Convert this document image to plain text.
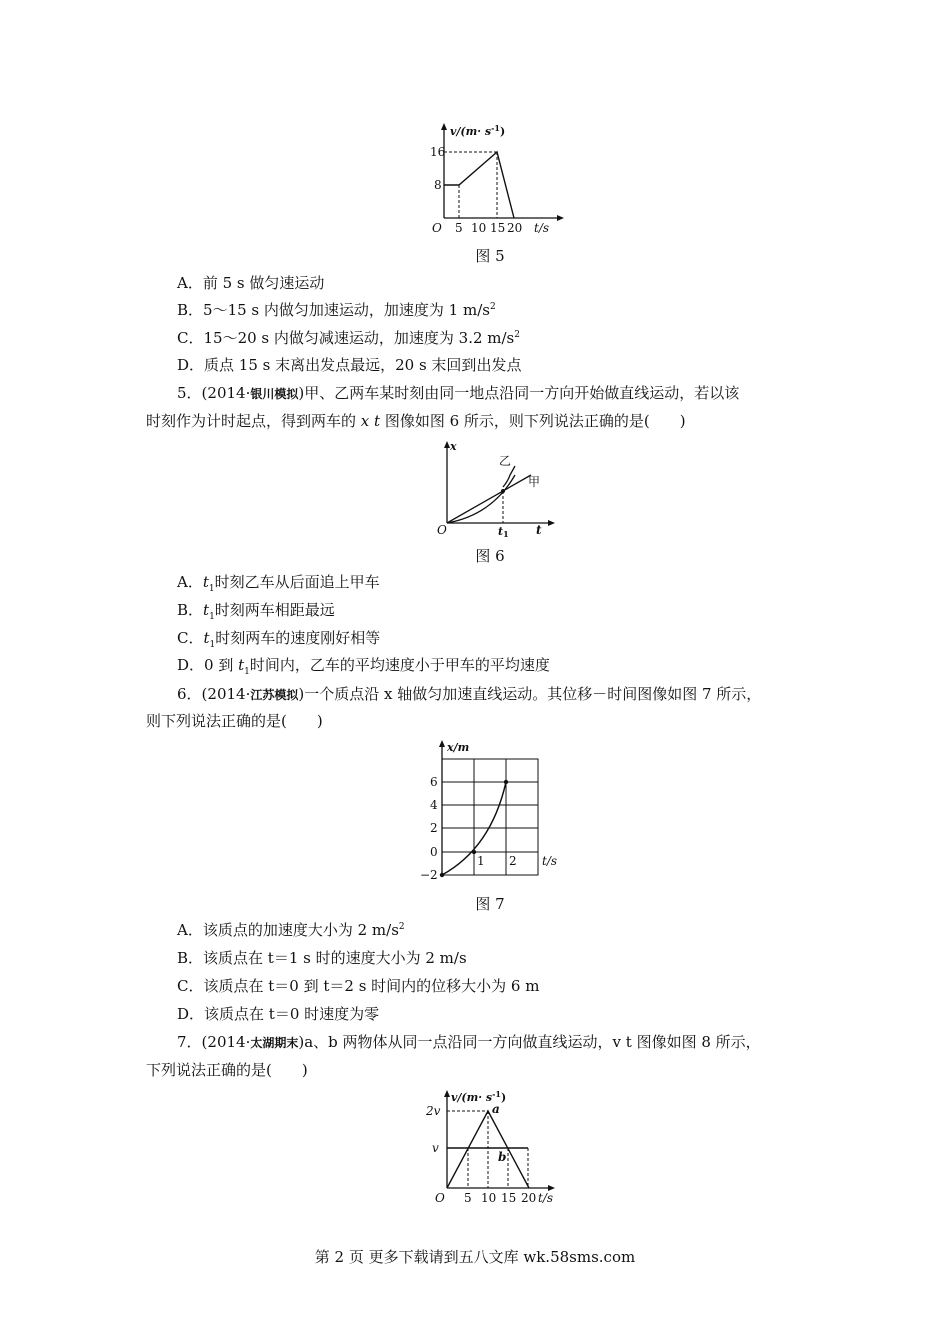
$v/(m\cdot s^{-1})$
16
8
O 5 10 15 20 t/s
图 5
A．前 5 s 做匀速运动
B．5～15 s 内做匀加速运动，加速度为 1 $m/s^2$
C．15～20 s 内做匀减速运动，加速度为 3.2 $m/s^2$
D．质点 15 s 末离出发点最远，20 s 末回到出发点
5．(2014·银川模拟)甲、乙两车某时刻由同一地点沿同一方向开始做直线运动，若以该
时刻作为计时起点，得到两车的 x t 图像如图 6 所示，则下列说法正确的是(　　)
x
乙
甲
O	t1 t
图 6
A．$t_1$时刻乙车从后面追上甲车
B．$t_1$时刻两车相距最远
C．$t_1$时刻两车的速度刚好相等
D．0 到 $t_1$时间内，乙车的平均速度小于甲车的平均速度
6．(2014·江苏模拟)一个质点沿 x 轴做匀加速直线运动。其位移－时间图像如图 7 所示，
则下列说法正确的是(　　)
x/m
6
4
2
0
−2
1 2 t/s
图 7
A．该质点的加速度大小为 2 $m/s^2$
B．该质点在 t＝1 s 时的速度大小为 2 m/s
C．该质点在 t＝0 到 t＝2 s 时间内的位移大小为 6 m
D．该质点在 t＝0 时速度为零
7．(2014·太湖期末)a、b 两物体从同一点沿同一方向做直线运动，v t 图像如图 8 所示，
下列说法正确的是(　　)
$v/(m\cdot s^{-1})$
2v
v
a
b
O 5 10 15 20 t/s
第 2 页 更多下载请到五八文库 wk.58sms.com
